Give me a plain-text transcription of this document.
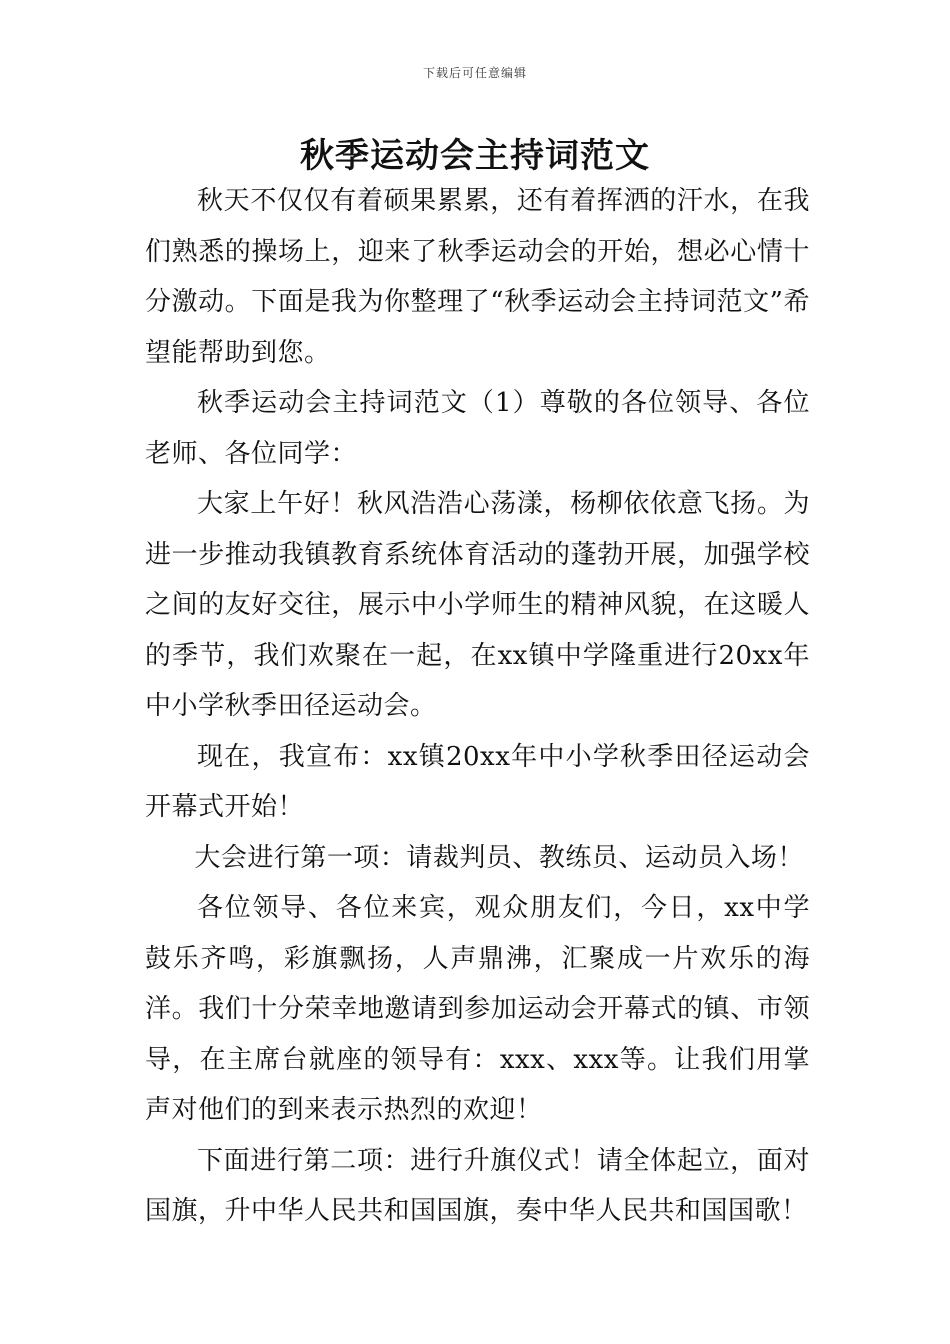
下载后可任意编辑
秋季运动会主持词范文

秋天不仅仅有着硕果累累，还有着挥洒的汗水，在我们熟悉的操场上，迎来了秋季运动会的开始，想必心情十分激动。下面是我为你整理了“秋季运动会主持词范文”希望能帮助到您。

秋季运动会主持词范文（1）尊敬的各位领导、各位老师、各位同学：

大家上午好！秋风浩浩心荡漾，杨柳依依意飞扬。为进一步推动我镇教育系统体育活动的蓬勃开展，加强学校之间的友好交往，展示中小学师生的精神风貌，在这暖人的季节，我们欢聚在一起，在xx镇中学隆重进行20xx年中小学秋季田径运动会。

现在，我宣布：xx镇20xx年中小学秋季田径运动会开幕式开始！

大会进行第一项：请裁判员、教练员、运动员入场！

各位领导、各位来宾，观众朋友们，今日，xx中学鼓乐齐鸣，彩旗飘扬，人声鼎沸，汇聚成一片欢乐的海洋。我们十分荣幸地邀请到参加运动会开幕式的镇、市领导，在主席台就座的领导有：xxx、xxx等。让我们用掌声对他们的到来表示热烈的欢迎！

下面进行第二项：进行升旗仪式！请全体起立，面对国旗，升中华人民共和国国旗，奏中华人民共和国国歌！
